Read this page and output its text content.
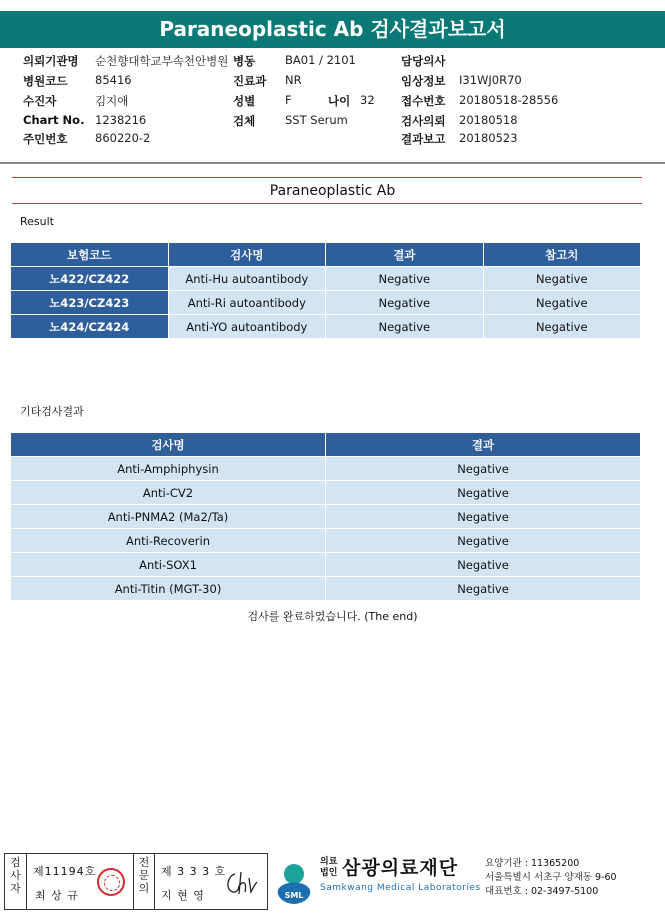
Paraneoplastic Ab 검사결과보고서
의뢰기관명 순천향대학교부속천안병원 병동	BA01 / 2101	담당의사
병원코드 85416	진료과 NR	임상정보 I31WJ0R70
수진자	김지애	성별	F	나이 32 접수번호 20180518-28556
Chart No. 1238216	검체	SST Serum	검사의뢰 20180518
주민번호 860220-2	결과보고 20180523
Paraneoplastic Ab
Result
보험코드	검사명	결과	참고치
노422/CZ422	Anti-Hu autoantibody	Negative	Negative
노423/CZ423	Anti-Ri autoantibody	Negative	Negative
노424/CZ424	Anti-YO autoantibody	Negative	Negative
기타검사결과
검사명	결과
Anti-Amphiphysin	Negative
Anti-CV2	Negative
Anti-PNMA2 (Ma2/Ta)	Negative
Anti-Recoverin	Negative
Anti-SOX1	Negative
Anti-Titin (MGT-30)	Negative
검사를 완료하였습니다. (The end)
검사자
제11194호
최 상 규
전문의
제 3 3 3 호
지 현 영	SML
의료법인 삼광의료재단
Samkwang Medical Laboratories
요양기관 : 11365200
서울특별시 서초구 양재동 9-60
대표번호 : 02-3497-5100
